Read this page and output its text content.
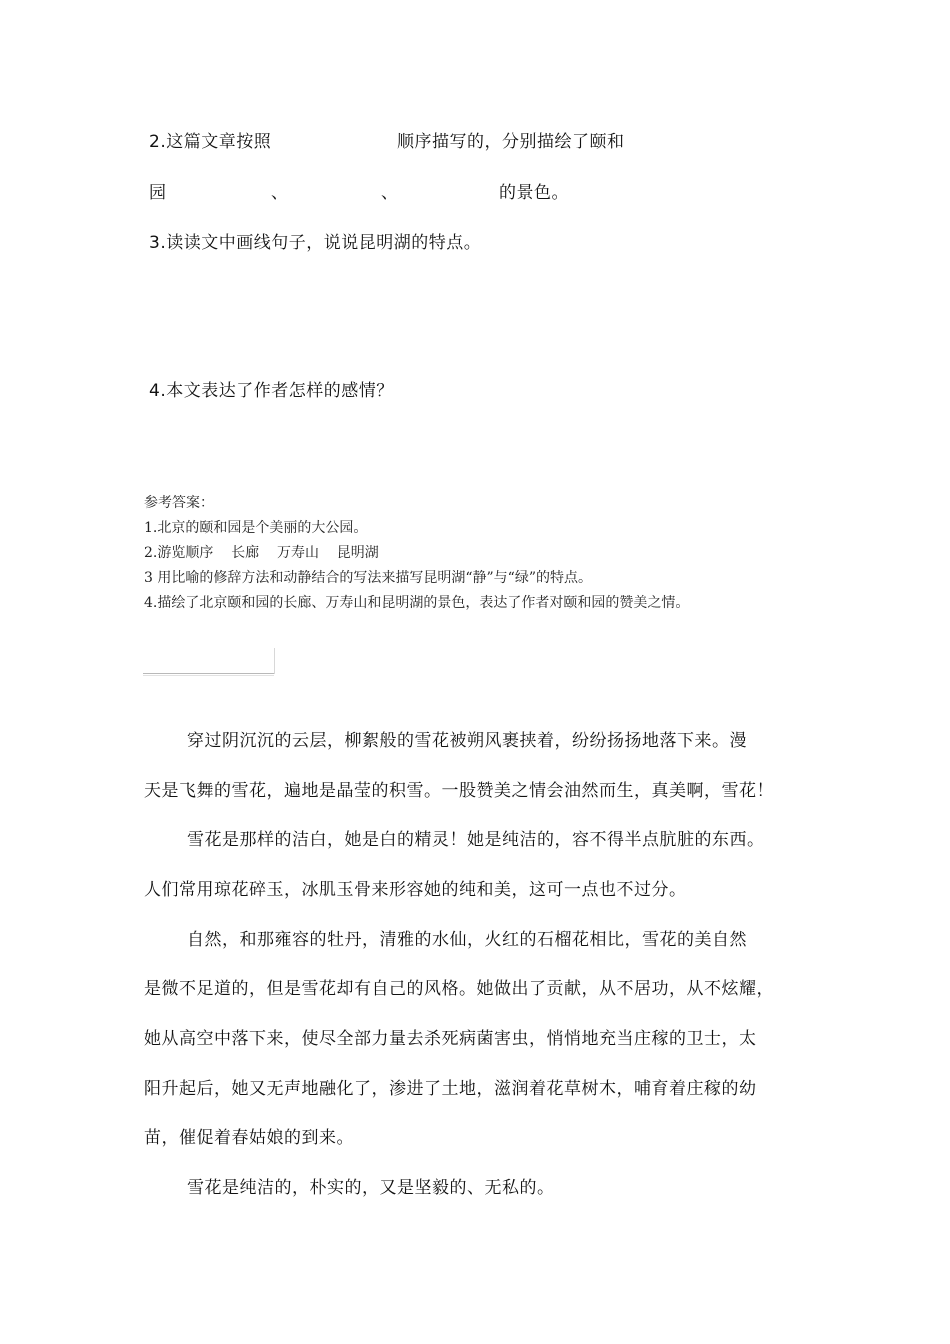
2.这篇文章按照	顺序描写的，分别描绘了颐和
园	、	、	的景色。
3.读读文中画线句子，说说昆明湖的特点。
4.本文表达了作者怎样的感情？
参考答案：
1.北京的颐和园是个美丽的大公园。
2.游览顺序    长廊    万寿山    昆明湖
3 用比喻的修辞方法和动静结合的写法来描写昆明湖“静”与“绿”的特点。
4.描绘了北京颐和园的长廊、万寿山和昆明湖的景色，表达了作者对颐和园的赞美之情。
穿过阴沉沉的云层，柳絮般的雪花被朔风裹挟着，纷纷扬扬地落下来。漫
天是飞舞的雪花，遍地是晶莹的积雪。一股赞美之情会油然而生，真美啊，雪花！
雪花是那样的洁白，她是白的精灵！她是纯洁的，容不得半点肮脏的东西。
人们常用琼花碎玉，冰肌玉骨来形容她的纯和美，这可一点也不过分。
自然，和那雍容的牡丹，清雅的水仙，火红的石榴花相比，雪花的美自然
是微不足道的，但是雪花却有自己的风格。她做出了贡献，从不居功，从不炫耀，
她从高空中落下来，使尽全部力量去杀死病菌害虫，悄悄地充当庄稼的卫士，太
阳升起后，她又无声地融化了，渗进了土地，滋润着花草树木，哺育着庄稼的幼
苗，催促着春姑娘的到来。
雪花是纯洁的，朴实的，又是坚毅的、无私的。
